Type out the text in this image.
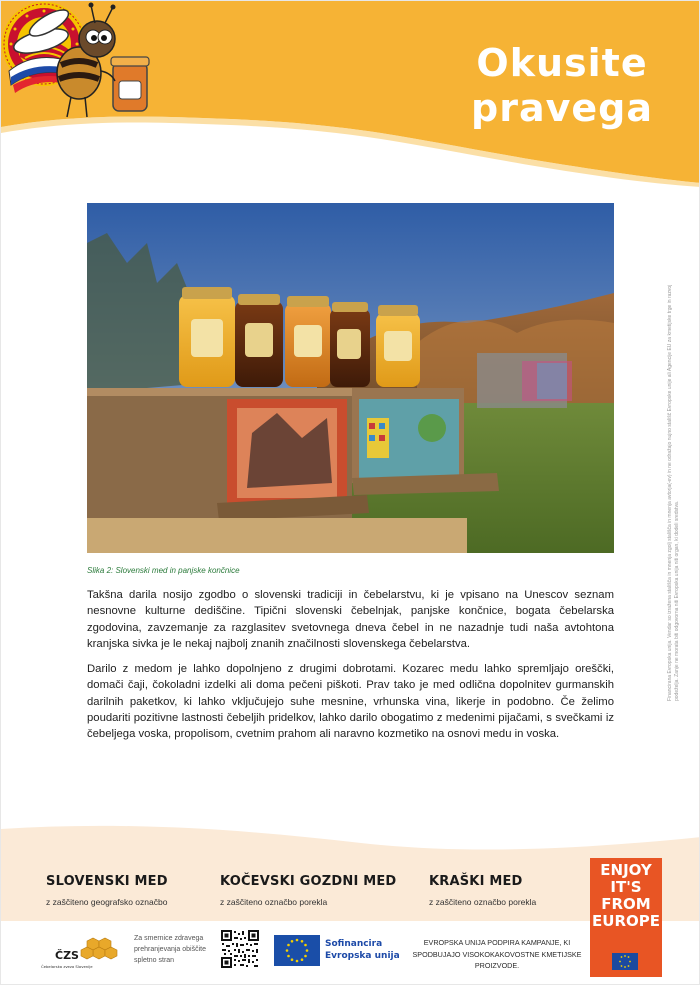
Okusite
pravega
Financirana Evropska unija. Vendar so izražena stališča in mnenja zgolj stališča in mnenja avtorja(-ev) in ne odražajo nujno stališč Evropske unije ali Agencije EU za kmetijske trge in razvoj podeželja. Zanje ne morata biti odgovorna niti Evropska unija niti organ, ki dodeli sredstva.
Slika 2: Slovenski med in panjske končnice

Takšna darila nosijo zgodbo o slovenski tradiciji in čebelarstvu, ki je vpisano na Unescov seznam nesnovne kulturne dediščine. Tipični slovenski čebelnjak, panjske končnice, bogata čebelarska zgodovina, zavzemanje za razglasitev svetovnega dneva čebel in ne nazadnje tudi naša avtohtona kranjska sivka je le nekaj najbolj znanih značilnosti slovenskega čebelarstva.

Darilo z medom je lahko dopolnjeno z drugimi dobrotami. Kozarec medu lahko spremljajo oreščki, domači čaji, čokoladni izdelki ali doma pečeni piškoti. Prav tako je med odlična dopolnitev gurmanskih darilnih paketkov, ki lahko vključujejo suhe mesnine, vrhunska vina, likerje in podobno. Če želimo poudariti pozitivne lastnosti čebeljih pridelkov, lahko darilo obogatimo z medenimi pijačami, s svečkami iz čebeljega voska, propolisom, cvetnim prahom ali naravno kozmetiko na osnovi medu in voska.

SLOVENSKI MED
z zaščiteno geografsko označbo
KOČEVSKI GOZDNI MED
z zaščiteno označbo porekla
KRAŠKI MED
z zaščiteno označbo porekla
ENJOY
IT'S FROM
EUROPE
ČZS
Čebelarska zveza Slovenije
Za smernice zdravega prehranjevanja obiščite spletno stran
Sofinancira
Evropska unija
EVROPSKA UNIJA PODPIRA KAMPANJE, KI SPODBUJAJO VISOKOKAKOVOSTNE KMETIJSKE PROIZVODE.
